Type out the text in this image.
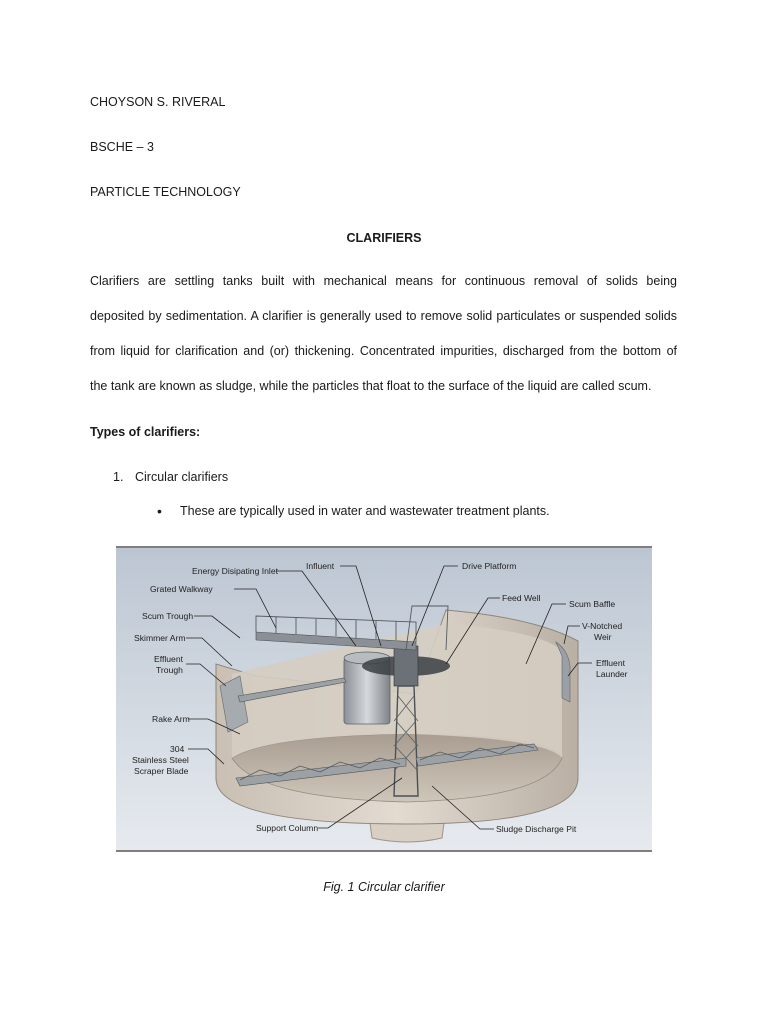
CHOYSON S. RIVERAL
BSCHE – 3
PARTICLE TECHNOLOGY
CLARIFIERS
Clarifiers are settling tanks built with mechanical means for continuous removal of solids being
deposited by sedimentation. A clarifier is generally used to remove solid particulates or suspended solids
from liquid for clarification and (or) thickening. Concentrated impurities, discharged from the bottom of
the tank are known as sludge, while the particles that float to the surface of the liquid are called scum.
Types of clarifiers:
1. Circular clarifiers
• These are typically used in water and wastewater treatment plants.
Energy Disipating Inlet	Influent	Drive Platform
Grated Walkway
Feed Well
Scum Baffle
Scum Trough
V-Notched
Weir
Skimmer Arm
Effluent
Trough
Effluent
Launder
Rake Arm
304
Stainless Steel
Scraper Blade
Support Column	Sludge Discharge Pit
Fig. 1 Circular clarifier
